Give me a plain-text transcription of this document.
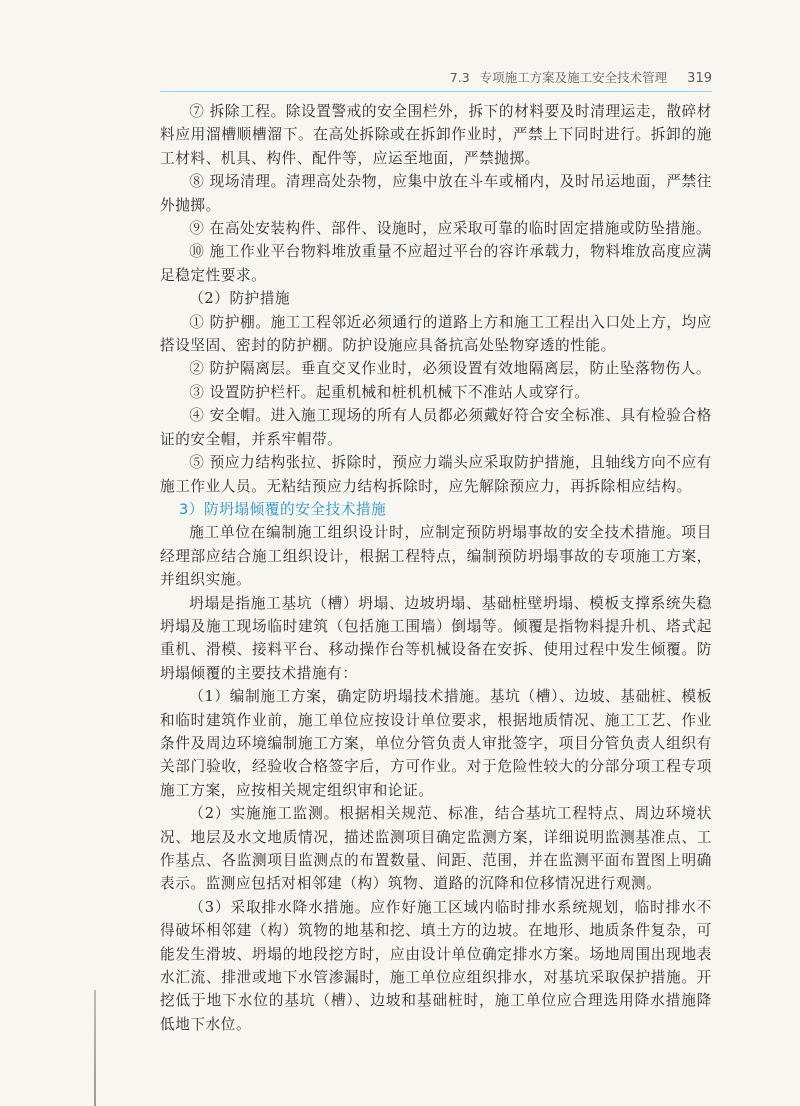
7.3 专项施工方案及施工安全技术管理 319

⑦ 拆除工程。除设置警戒的安全围栏外，拆下的材料要及时清理运走，散碎材料应用溜槽顺槽溜下。在高处拆除或在拆卸作业时，严禁上下同时进行。拆卸的施工材料、机具、构件、配件等，应运至地面，严禁抛掷。

⑧ 现场清理。清理高处杂物，应集中放在斗车或桶内，及时吊运地面，严禁往外抛掷。

⑨ 在高处安装构件、部件、设施时，应采取可靠的临时固定措施或防坠措施。

⑩ 施工作业平台物料堆放重量不应超过平台的容许承载力，物料堆放高度应满足稳定性要求。

（2）防护措施

① 防护棚。施工工程邻近必须通行的道路上方和施工工程出入口处上方，均应搭设坚固、密封的防护棚。防护设施应具备抗高处坠物穿透的性能。

② 防护隔离层。垂直交叉作业时，必须设置有效地隔离层，防止坠落物伤人。

③ 设置防护栏杆。起重机械和桩机机械下不准站人或穿行。

④ 安全帽。进入施工现场的所有人员都必须戴好符合安全标准、具有检验合格证的安全帽，并系牢帽带。

⑤ 预应力结构张拉、拆除时，预应力端头应采取防护措施，且轴线方向不应有施工作业人员。无粘结预应力结构拆除时，应先解除预应力，再拆除相应结构。

3）防坍塌倾覆的安全技术措施

施工单位在编制施工组织设计时，应制定预防坍塌事故的安全技术措施。项目经理部应结合施工组织设计，根据工程特点，编制预防坍塌事故的专项施工方案，并组织实施。

坍塌是指施工基坑（槽）坍塌、边坡坍塌、基础桩壁坍塌、模板支撑系统失稳坍塌及施工现场临时建筑（包括施工围墙）倒塌等。倾覆是指物料提升机、塔式起重机、滑模、接料平台、移动操作台等机械设备在安拆、使用过程中发生倾覆。防坍塌倾覆的主要技术措施有：

（1）编制施工方案，确定防坍塌技术措施。基坑（槽）、边坡、基础桩、模板和临时建筑作业前，施工单位应按设计单位要求，根据地质情况、施工工艺、作业条件及周边环境编制施工方案，单位分管负责人审批签字，项目分管负责人组织有关部门验收，经验收合格签字后，方可作业。对于危险性较大的分部分项工程专项施工方案，应按相关规定组织审和论证。

（2）实施施工监测。根据相关规范、标准，结合基坑工程特点、周边环境状况、地层及水文地质情况，描述监测项目确定监测方案，详细说明监测基准点、工作基点、各监测项目监测点的布置数量、间距、范围，并在监测平面布置图上明确表示。监测应包括对相邻建（构）筑物、道路的沉降和位移情况进行观测。

（3）采取排水降水措施。应作好施工区域内临时排水系统规划，临时排水不得破坏相邻建（构）筑物的地基和挖、填土方的边坡。在地形、地质条件复杂，可能发生滑坡、坍塌的地段挖方时，应由设计单位确定排水方案。场地周围出现地表水汇流、排泄或地下水管渗漏时，施工单位应组织排水，对基坑采取保护措施。开挖低于地下水位的基坑（槽）、边坡和基础桩时，施工单位应合理选用降水措施降低地下水位。
